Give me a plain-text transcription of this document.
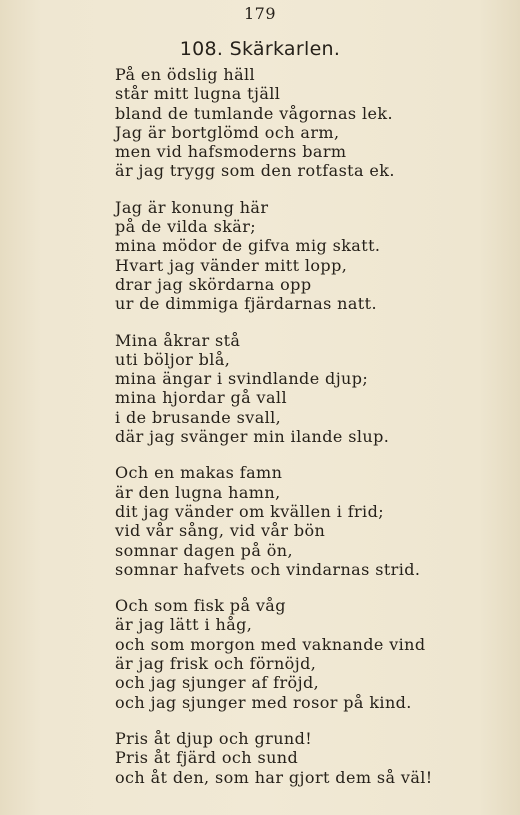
179
108. Skärkarlen.
På en ödslig häll
står mitt lugna tjäll
bland de tumlande vågornas lek.
Jag är bortglömd och arm,
men vid hafsmoderns barm
är jag trygg som den rotfasta ek.
Jag är konung här
på de vilda skär;
mina mödor de gifva mig skatt.
Hvart jag vänder mitt lopp,
drar jag skördarna opp
ur de dimmiga fjärdarnas natt.
Mina åkrar stå
uti böljor blå,
mina ängar i svindlande djup;
mina hjordar gå vall
i de brusande svall,
där jag svänger min ilande slup.
Och en makas famn
är den lugna hamn,
dit jag vänder om kvällen i frid;
vid vår sång, vid vår bön
somnar dagen på ön,
somnar hafvets och vindarnas strid.
Och som fisk på våg
är jag lätt i håg,
och som morgon med vaknande vind
är jag frisk och förnöjd,
och jag sjunger af fröjd,
och jag sjunger med rosor på kind.
Pris åt djup och grund!
Pris åt fjärd och sund
och åt den, som har gjort dem så väl!
